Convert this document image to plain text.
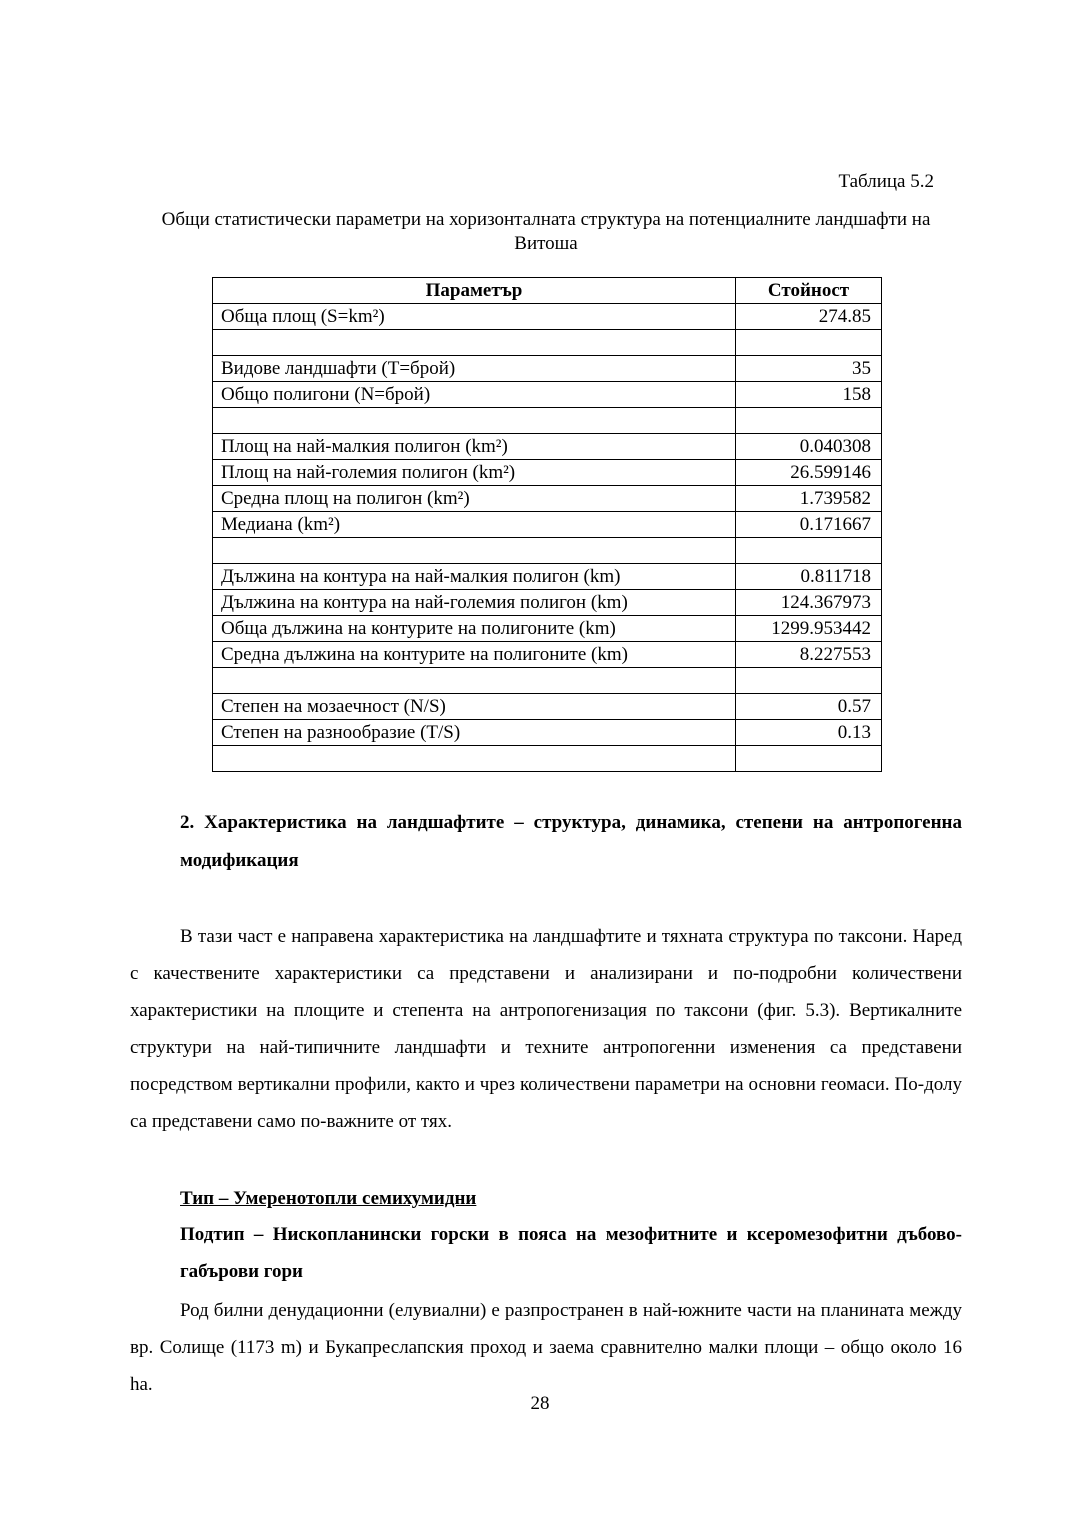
Таблица 5.2
Общи статистически параметри на хоризонталната структура на потенциалните ландшафти на Витоша
Параметър	Стойност
Обща площ (S=km²)	274.85

Видове ландшафти (T=брой)	35
Общо полигони (N=брой)	158

Площ на най-малкия полигон (km²)	0.040308
Площ на най-големия полигон (km²)	26.599146
Средна площ на полигон (km²)	1.739582
Медиана (km²)	0.171667

Дължина на контура на най-малкия полигон (km)	0.811718
Дължина на контура на най-големия полигон (km)	124.367973
Обща дължина на контурите на полигоните (km)	1299.953442
Средна дължина на контурите на полигоните (km)	8.227553

Степен на мозаечност (N/S)	0.57
Степен на разнообразие (T/S)	0.13

2. Характеристика на ландшафтите – структура, динамика, степени на антропогенна модификация

В тази част е направена характеристика на ландшафтите и тяхната структура по таксони. Наред с качествените характеристики са представени и анализирани и по-подробни количествени характеристики на площите и степента на антропогенизация по таксони (фиг. 5.3). Вертикалните структури на най-типичните ландшафти и техните антропогенни изменения са представени посредством вертикални профили, както и чрез количествени параметри на основни геомаси. По-долу са представени само по-важните от тях.

Тип – Умеренотопли семихумидни
Подтип – Нископланински горски в пояса на мезофитните и ксеромезофитни дъбово-габърови гори

Род билни денудационни (елувиални) е разпространен в най-южните части на планината между вр. Солище (1173 m) и Букапреслапския проход и заема сравнително малки площи – общо около 16 ha.

28
